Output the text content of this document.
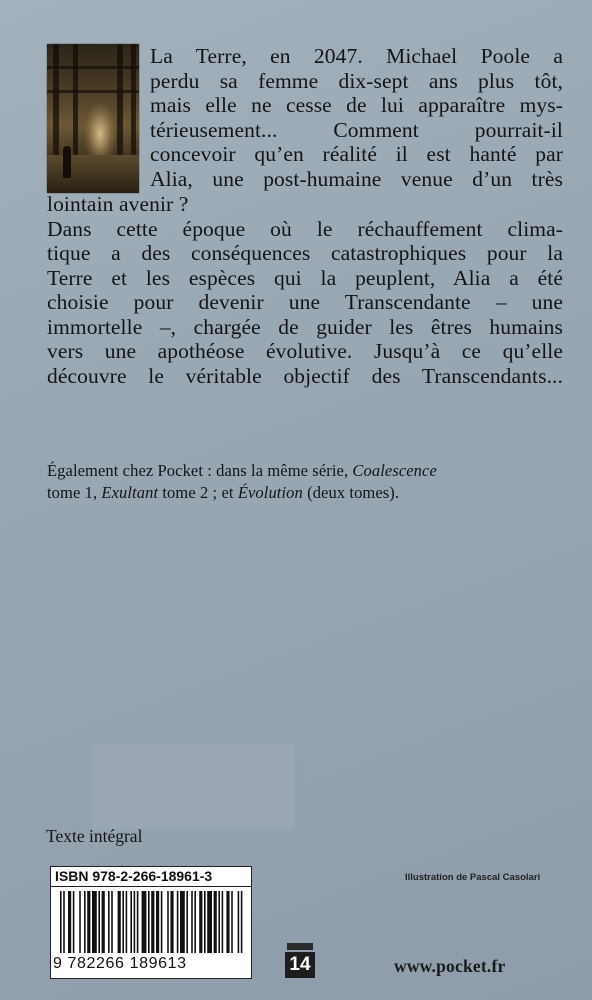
La Terre, en 2047. Michael Poole a
perdu sa femme dix-sept ans plus tôt,
mais elle ne cesse de lui apparaître mys-
térieusement... Comment pourrait-il
concevoir qu’en réalité il est hanté par
Alia, une post-humaine venue d’un très
lointain avenir ?
Dans cette époque où le réchauffement clima-
tique a des conséquences catastrophiques pour la
Terre et les espèces qui la peuplent, Alia a été
choisie pour devenir une Transcendante – une
immortelle –, chargée de guider les êtres humains
vers une apothéose évolutive. Jusqu’à ce qu’elle
découvre le véritable objectif des Transcendants...
Également chez Pocket : dans la même série, Coalescence
tome 1, Exultant tome 2 ; et Évolution (deux tomes).
Texte intégral
ISBN 978-2-266-18961-3
9 782266 189613	14
Illustration de Pascal Casolari
www.pocket.fr
